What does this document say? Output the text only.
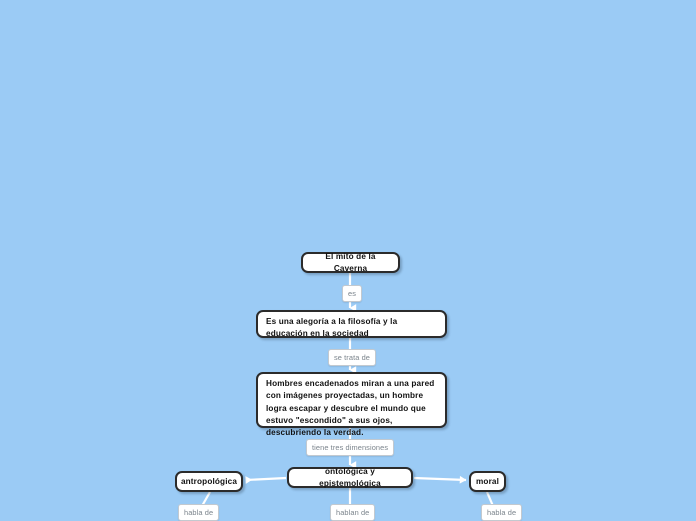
El mito de la Caverna
Es una alegoría a la filosofía y la educación en la sociedad
Hombres encadenados miran a una pared con imágenes proyectadas, un hombre logra escapar y descubre el mundo que estuvo "escondido" a sus ojos, descubriendo la verdad.
ontológica y epistemológica
antropológica	moral
es
se trata de
tiene tres dimensiones
habla de	hablan de	habla de
